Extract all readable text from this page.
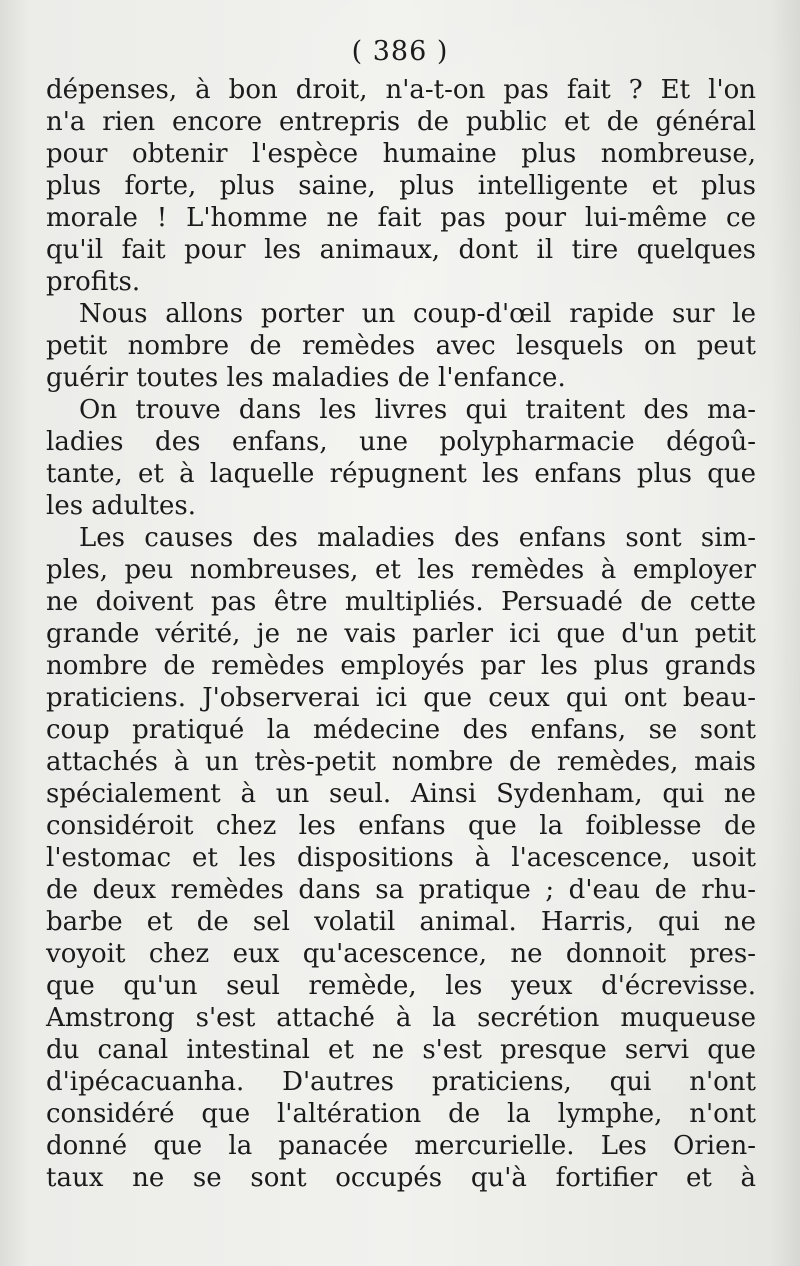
( 386 )
dépenses, à bon droit, n'a-t-on pas fait ? Et l'on
n'a rien encore entrepris de public et de général
pour obtenir l'espèce humaine plus nombreuse,
plus forte, plus saine, plus intelligente et plus
morale ! L'homme ne fait pas pour lui-même ce
qu'il fait pour les animaux, dont il tire quelques
profits.
Nous allons porter un coup-d'œil rapide sur le
petit nombre de remèdes avec lesquels on peut
guérir toutes les maladies de l'enfance.
On trouve dans les livres qui traitent des ma-
ladies des enfans, une polypharmacie dégoû-
tante, et à laquelle répugnent les enfans plus que
les adultes.
Les causes des maladies des enfans sont sim-
ples, peu nombreuses, et les remèdes à employer
ne doivent pas être multipliés. Persuadé de cette
grande vérité, je ne vais parler ici que d'un petit
nombre de remèdes employés par les plus grands
praticiens. J'observerai ici que ceux qui ont beau-
coup pratiqué la médecine des enfans, se sont
attachés à un très-petit nombre de remèdes, mais
spécialement à un seul. Ainsi Sydenham, qui ne
considéroit chez les enfans que la foiblesse de
l'estomac et les dispositions à l'acescence, usoit
de deux remèdes dans sa pratique ; d'eau de rhu-
barbe et de sel volatil animal. Harris, qui ne
voyoit chez eux qu'acescence, ne donnoit pres-
que qu'un seul remède, les yeux d'écrevisse.
Amstrong s'est attaché à la secrétion muqueuse
du canal intestinal et ne s'est presque servi que
d'ipécacuanha. D'autres praticiens, qui n'ont
considéré que l'altération de la lymphe, n'ont
donné que la panacée mercurielle. Les Orien-
taux ne se sont occupés qu'à fortifier et à
